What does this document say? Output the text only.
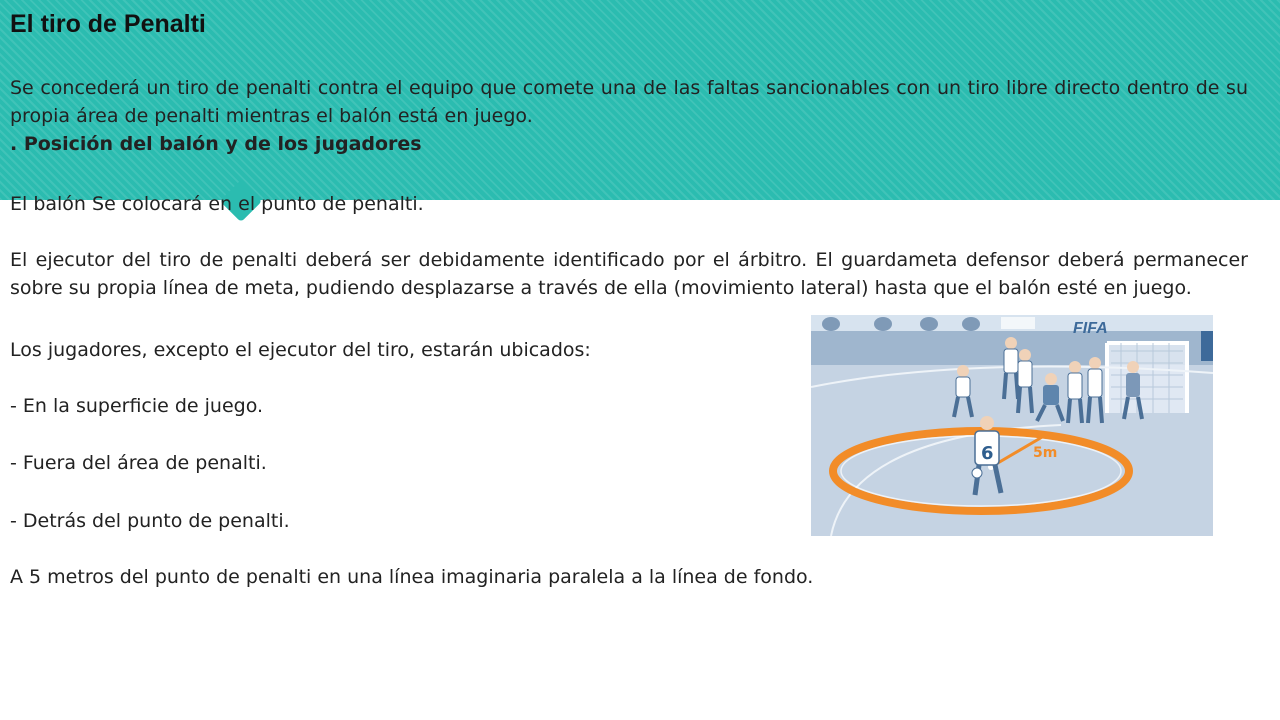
El tiro de Penalti

Se concederá un tiro de penalti contra el equipo que comete una de las faltas sancionables con un tiro libre directo dentro de su propia área de penalti mientras el balón está en juego.

. Posición del balón y de los jugadores

El balón Se colocará en el punto de penalti.

El ejecutor del tiro de penalti deberá ser debidamente identificado por el árbitro. El guardameta defensor deberá permanecer sobre su propia línea de meta, pudiendo desplazarse a través de ella (movimiento lateral) hasta que el balón esté en juego.

Los jugadores, excepto el ejecutor del tiro, estarán ubicados:

- En la superficie de juego.

- Fuera del área de penalti.

- Detrás del punto de penalti.

A 5 metros del punto de penalti en una línea imaginaria paralela a la línea de fondo.

FIFA
5m
6
